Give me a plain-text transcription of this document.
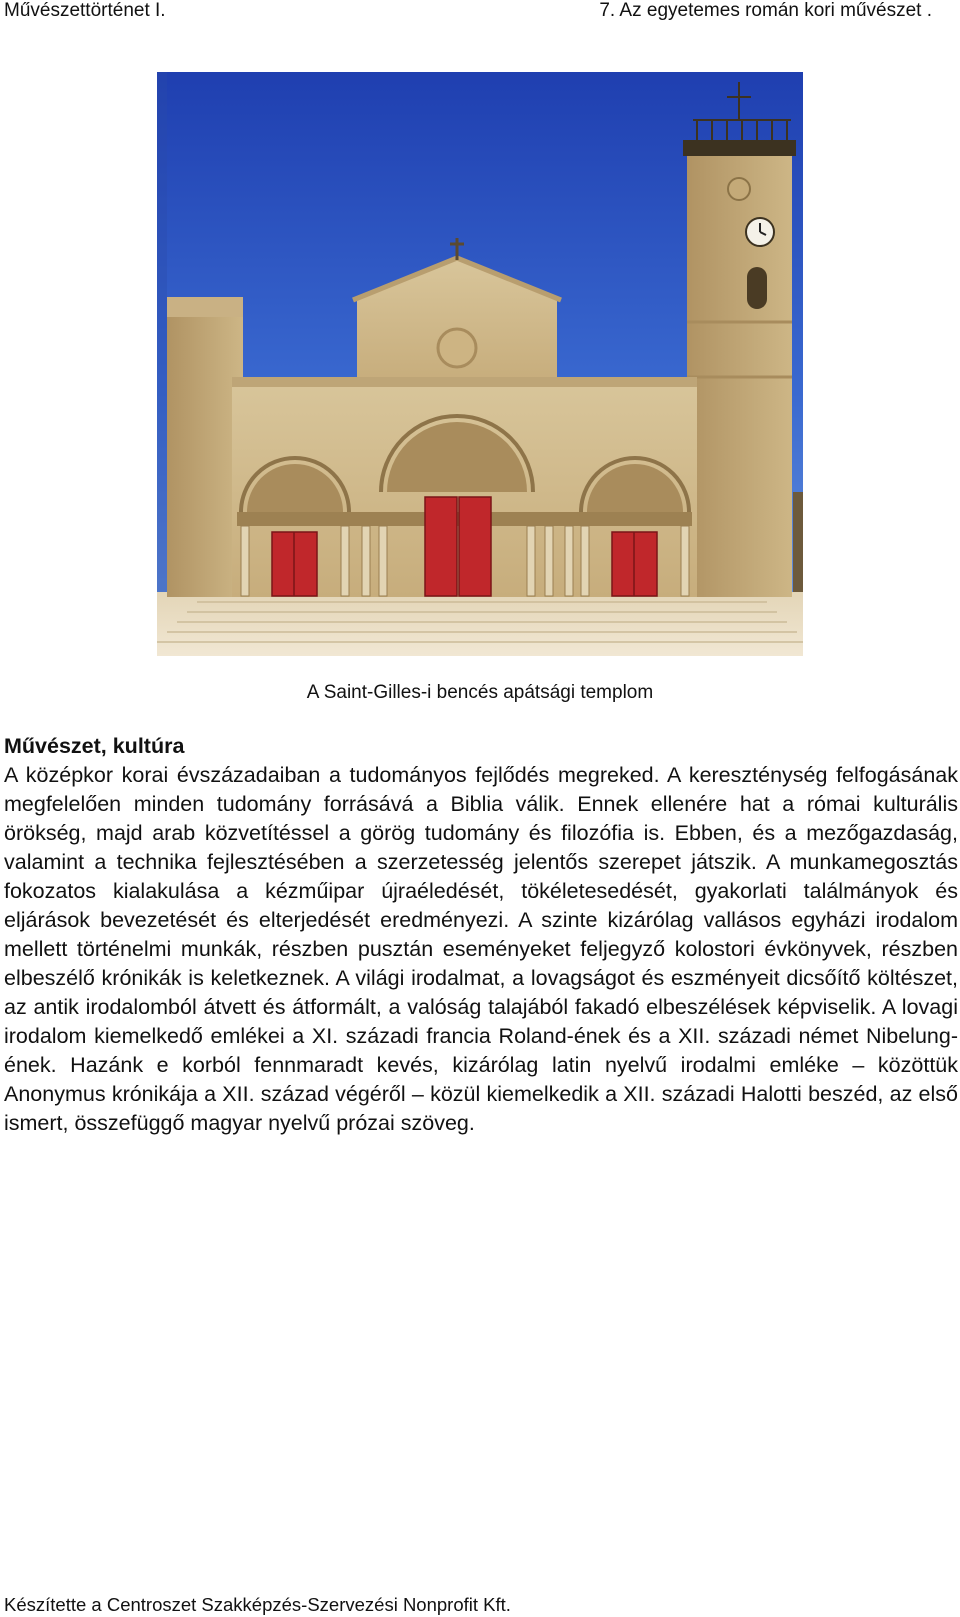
Művészettörténet I.	7. Az egyetemes román kori művészet .
A Saint-Gilles-i bencés apátsági templom
Művészet, kultúra

A középkor korai évszázadaiban a tudományos fejlődés megreked. A kereszténység felfogásának megfelelően minden tudomány forrásává a Biblia válik. Ennek ellenére hat a római kulturális örökség, majd arab közvetítéssel a görög tudomány és filozófia is. Ebben, és a mezőgazdaság, valamint a technika fejlesztésében a szerzetesség jelentős szerepet játszik. A munkamegosztás fokozatos kialakulása a kézműipar újraéledését, tökéletesedését, gyakorlati találmányok és eljárások bevezetését és elterjedését eredményezi. A szinte kizárólag vallásos egyházi irodalom mellett történelmi munkák, részben pusztán eseményeket feljegyző kolostori évkönyvek, részben elbeszélő krónikák is keletkeznek. A világi irodalmat, a lovagságot és eszményeit dicsőítő költészet, az antik irodalomból átvett és átformált, a valóság talajából fakadó elbeszélések képviselik. A lovagi irodalom kiemelkedő emlékei a XI. századi francia Roland-ének és a XII. századi német Nibelung-ének. Hazánk e korból fennmaradt kevés, kizárólag latin nyelvű irodalmi emléke – közöttük Anonymus krónikája a XII. század végéről – közül kiemelkedik a XII. századi Halotti beszéd, az első ismert, összefüggő magyar nyelvű prózai szöveg.

Készítette a Centroszet Szakképzés-Szervezési Nonprofit Kft.
